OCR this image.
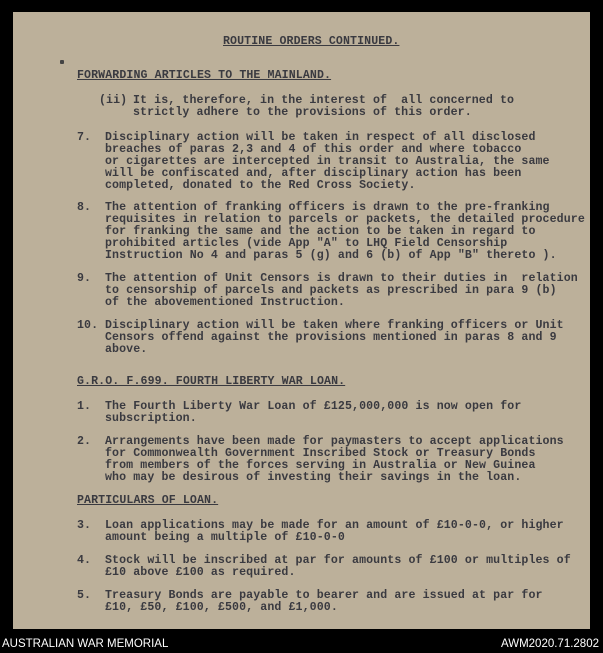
ROUTINE ORDERS CONTINUED.
FORWARDING ARTICLES TO THE MAINLAND.
(ii) It is, therefore, in the interest of  all concerned to
strictly adhere to the provisions of this order.
7. Disciplinary action will be taken in respect of all disclosed
breaches of paras 2,3 and 4 of this order and where tobacco
or cigarettes are intercepted in transit to Australia, the same
will be confiscated and, after disciplinary action has been
completed, donated to the Red Cross Society.
8. The attention of franking officers is drawn to the pre-franking
requisites in relation to parcels or packets, the detailed procedure
for franking the same and the action to be taken in regard to
prohibited articles (vide App "A" to LHQ Field Censorship
Instruction No 4 and paras 5 (g) and 6 (b) of App "B" thereto ).
9. The attention of Unit Censors is drawn to their duties in  relation
to censorship of parcels and packets as prescribed in para 9 (b)
of the abovementioned Instruction.
10. Disciplinary action will be taken where franking officers or Unit
Censors offend against the provisions mentioned in paras 8 and 9
above.
G.R.O. F.699. FOURTH LIBERTY WAR LOAN.
1. The Fourth Liberty War Loan of £125,000,000 is now open for
subscription.
2. Arrangements have been made for paymasters to accept applications
for Commonwealth Government Inscribed Stock or Treasury Bonds
from members of the forces serving in Australia or New Guinea
who may be desirous of investing their savings in the loan.
PARTICULARS OF LOAN.
3. Loan applications may be made for an amount of £10-0-0, or higher
amount being a multiple of £10-0-0
4. Stock will be inscribed at par for amounts of £100 or multiples of
£10 above £100 as required.
5. Treasury Bonds are payable to bearer and are issued at par for
£10, £50, £100, £500, and £1,000.
AUSTRALIAN WAR MEMORIAL	AWM2020.71.2802
